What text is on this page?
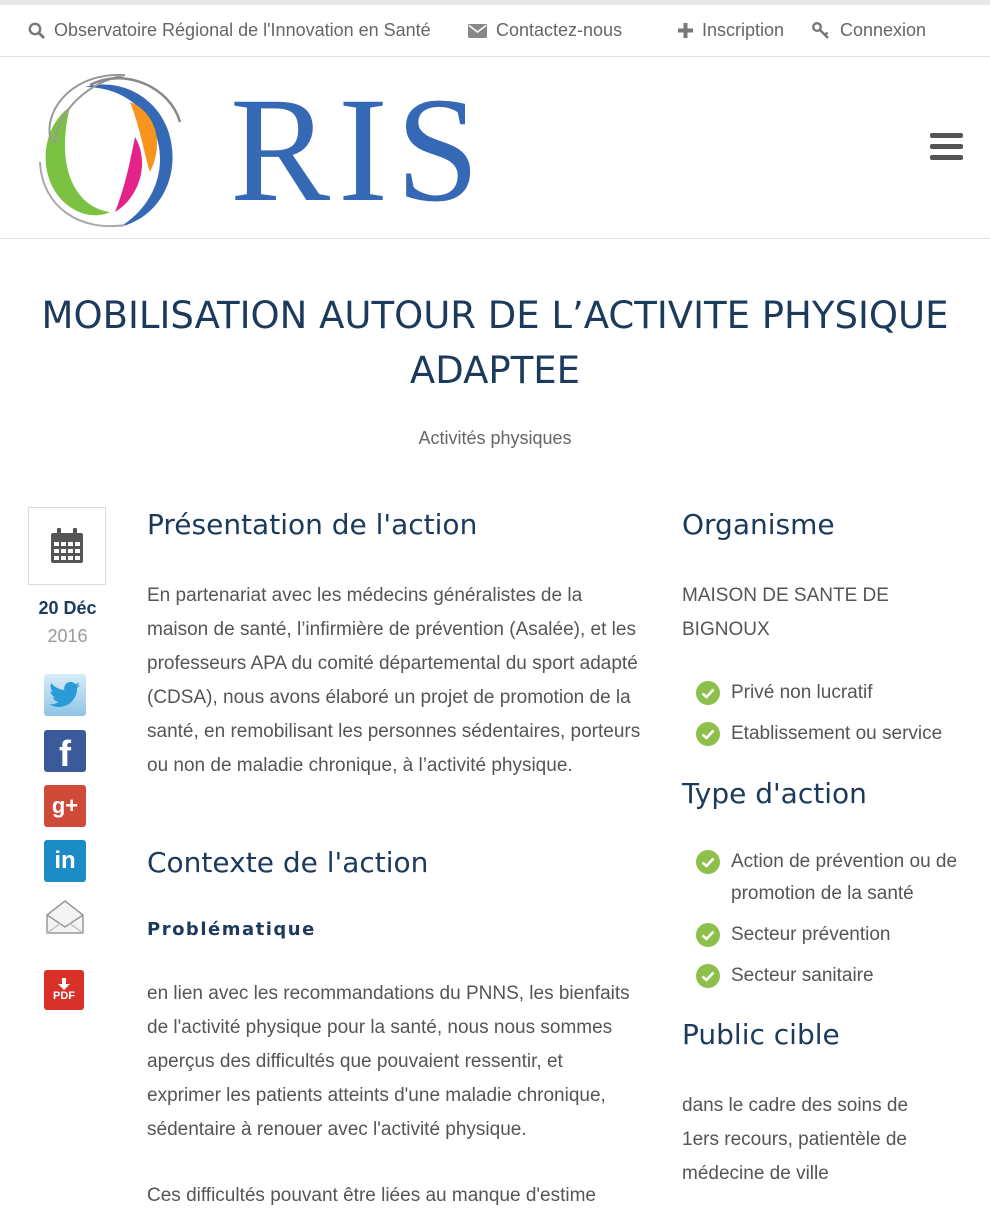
Observatoire Régional de l'Innovation en Santé	Contactez-nous	Inscription	Connexion
RIS
MOBILISATION AUTOUR DE L’ACTIVITE PHYSIQUE ADAPTEE
Activités physiques
20 Déc
2016
f
g+
in
PDF
Présentation de l'action

En partenariat avec les médecins généralistes de la maison de santé, l’infirmière de prévention (Asalée), et les professeurs APA du comité départemental du sport adapté (CDSA), nous avons élaboré un projet de promotion de la santé, en remobilisant les personnes sédentaires, porteurs ou non de maladie chronique, à l’activité physique.

Contexte de l'action
Problématique

en lien avec les recommandations du PNNS, les bienfaits de l'activité physique pour la santé, nous nous sommes aperçus des difficultés que pouvaient ressentir, et exprimer les patients atteints d'une maladie chronique, sédentaire à renouer avec l'activité physique.

Ces difficultés pouvant être liées au manque d'estime

Organisme

MAISON DE SANTE DE BIGNOUX

Privé non lucratif
Etablissement ou service
Type d'action
Action de prévention ou de promotion de la santé
Secteur prévention
Secteur sanitaire
Public cible

dans le cadre des soins de 1ers recours, patientèle de médecine de ville
